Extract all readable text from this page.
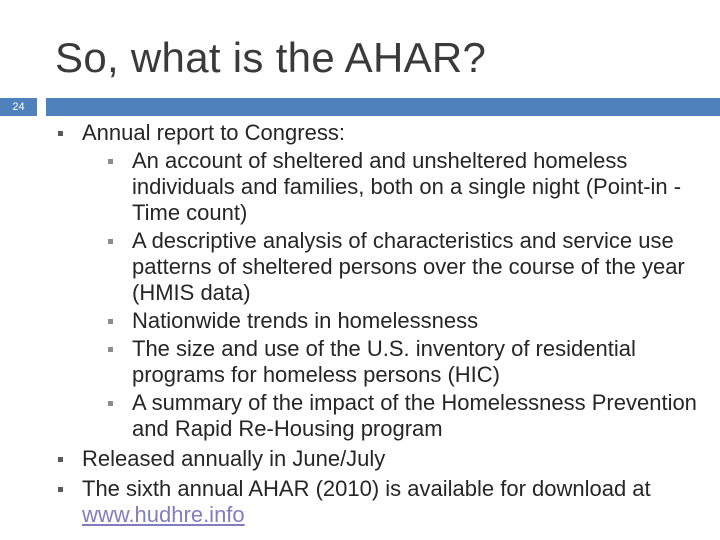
So, what is the AHAR?
24
Annual report to Congress:
An account of sheltered and unsheltered homeless individuals and families, both on a single night (Point-in -Time count)
A descriptive analysis of characteristics and service use patterns of sheltered persons over the course of the year (HMIS data)
Nationwide trends in homelessness
The size and use of the U.S. inventory of residential programs for homeless persons (HIC)
A summary of the impact of the Homelessness Prevention and Rapid Re-Housing program
Released annually in June/July
The sixth annual AHAR (2010) is available for download at www.hudhre.info
